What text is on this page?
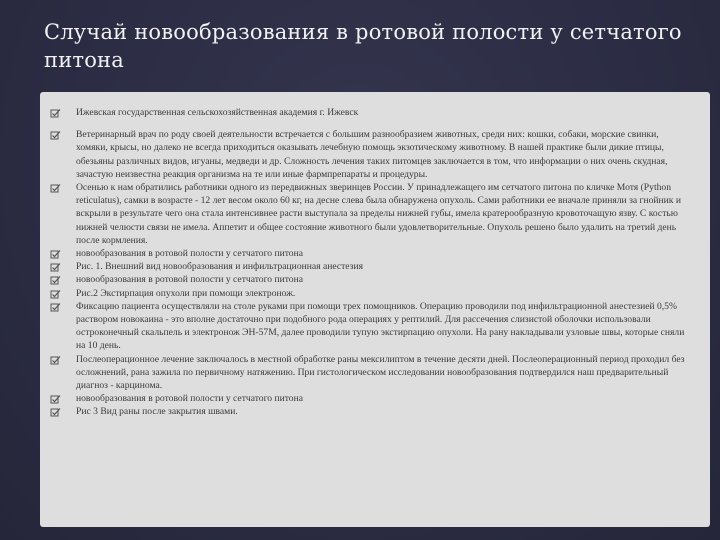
Случай новообразования в ротовой полости у сетчатого питона
Ижевская государственная сельскохозяйственная академия г. Ижевск
Ветеринарный врач по роду своей деятельности встречается с большим разнообразием животных, среди них: кошки, собаки, морские свинки, хомяки, крысы, но далеко не всегда приходиться оказывать лечебную помощь экзотическому животному. В нашей практике были дикие птицы, обезьяны различных видов, игуаны, медведи и др. Сложность лечения таких питомцев заключается в том, что информации о них очень скудная, зачастую неизвестна реакция организма на те или иные фармпрепараты и процедуры.
Осенью к нам обратились работники одного из передвижных зверинцев России. У принадлежащего им сетчатого питона по кличке Мотя (Python reticulatus), самки в возрасте - 12 лет весом около 60 кг, на десне слева была обнаружена опухоль. Сами работники ее вначале приняли за гнойник и вскрыли в результате чего она стала интенсивнее расти выступала за пределы нижней губы, имела кратерообразную кровоточащую язву. С костью нижней челюсти связи не имела. Аппетит и общее состояние животного были удовлетворительные. Опухоль решено было удалить на третий день после кормления.
новообразования в ротовой полости у сетчатого питона
Рис. 1. Внешний вид новообразования и инфильтрационная анестезия
новообразования в ротовой полости у сетчатого питона
Рис.2 Экстирпация опухоли при помощи электронож.
Фиксацию пациента осуществляли на столе руками при помощи трех помощников. Операцию проводили под инфильтрационной анестезией 0,5% раствором новокаина - это вполне достаточно при подобного рода операциях у рептилий. Для рассечения слизистой оболочки использовали остроконечный скальпель и электронож ЭН-57М, далее проводили тупую экстирпацию опухоли. На рану накладывали узловые швы, которые сняли на 10 день.
Послеоперационное лечение заключалось в местной обработке раны мексилиптом в течение десяти дней. Послеоперационный период проходил без осложнений, рана зажила по первичному натяжению. При гистологическом исследовании новообразования подтвердился наш предварительный диагноз - карцинома.
новообразования в ротовой полости у сетчатого питона
Рис 3 Вид раны после закрытия швами.
